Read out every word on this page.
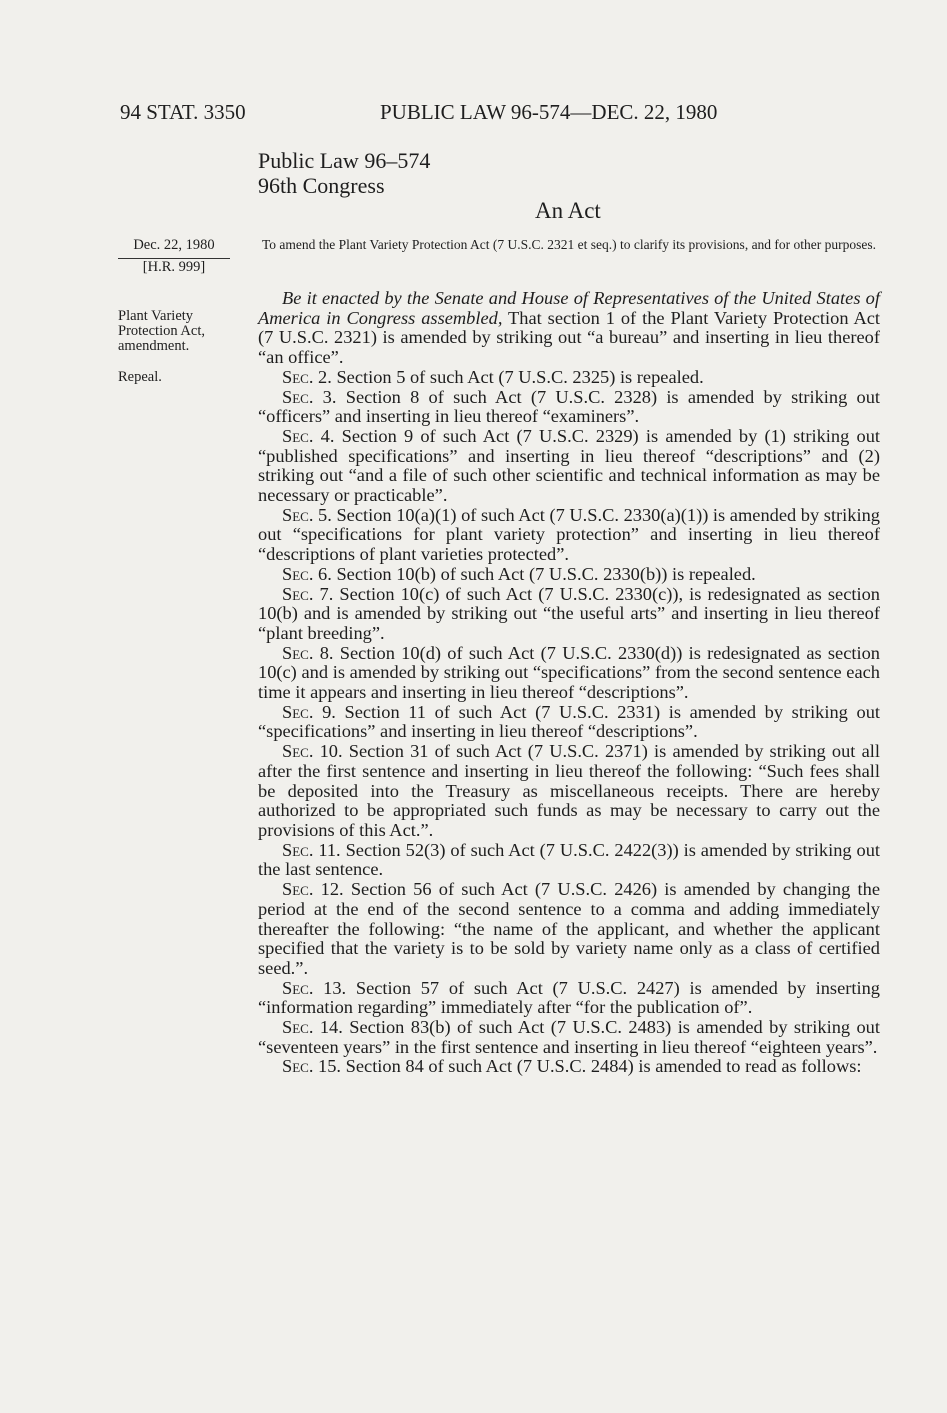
94 STAT. 3350	PUBLIC LAW 96-574—DEC. 22, 1980
Public Law 96–574
96th Congress
An Act
Dec. 22, 1980
[H.R. 999]
Plant Variety Protection Act, amendment.
Repeal.
To amend the Plant Variety Protection Act (7 U.S.C. 2321 et seq.) to clarify its provisions, and for other purposes.

Be it enacted by the Senate and House of Representatives of the United States of America in Congress assembled, That section 1 of the Plant Variety Protection Act (7 U.S.C. 2321) is amended by striking out “a bureau” and inserting in lieu thereof “an office”.

Sec. 2. Section 5 of such Act (7 U.S.C. 2325) is repealed.

Sec. 3. Section 8 of such Act (7 U.S.C. 2328) is amended by striking out “officers” and inserting in lieu thereof “examiners”.

Sec. 4. Section 9 of such Act (7 U.S.C. 2329) is amended by (1) striking out “published specifications” and inserting in lieu thereof “descriptions” and (2) striking out “and a file of such other scientific and technical information as may be necessary or practicable”.

Sec. 5. Section 10(a)(1) of such Act (7 U.S.C. 2330(a)(1)) is amended by striking out “specifications for plant variety protection” and inserting in lieu thereof “descriptions of plant varieties protected”.

Sec. 6. Section 10(b) of such Act (7 U.S.C. 2330(b)) is repealed.

Sec. 7. Section 10(c) of such Act (7 U.S.C. 2330(c)), is redesignated as section 10(b) and is amended by striking out “the useful arts” and inserting in lieu thereof “plant breeding”.

Sec. 8. Section 10(d) of such Act (7 U.S.C. 2330(d)) is redesignated as section 10(c) and is amended by striking out “specifications” from the second sentence each time it appears and inserting in lieu thereof “descriptions”.

Sec. 9. Section 11 of such Act (7 U.S.C. 2331) is amended by striking out “specifications” and inserting in lieu thereof “descriptions”.

Sec. 10. Section 31 of such Act (7 U.S.C. 2371) is amended by striking out all after the first sentence and inserting in lieu thereof the following: “Such fees shall be deposited into the Treasury as miscellaneous receipts. There are hereby authorized to be appropriated such funds as may be necessary to carry out the provisions of this Act.”.

Sec. 11. Section 52(3) of such Act (7 U.S.C. 2422(3)) is amended by striking out the last sentence.

Sec. 12. Section 56 of such Act (7 U.S.C. 2426) is amended by changing the period at the end of the second sentence to a comma and adding immediately thereafter the following: “the name of the applicant, and whether the applicant specified that the variety is to be sold by variety name only as a class of certified seed.”.

Sec. 13. Section 57 of such Act (7 U.S.C. 2427) is amended by inserting “information regarding” immediately after “for the publication of”.

Sec. 14. Section 83(b) of such Act (7 U.S.C. 2483) is amended by striking out “seventeen years” in the first sentence and inserting in lieu thereof “eighteen years”.

Sec. 15. Section 84 of such Act (7 U.S.C. 2484) is amended to read as follows:
